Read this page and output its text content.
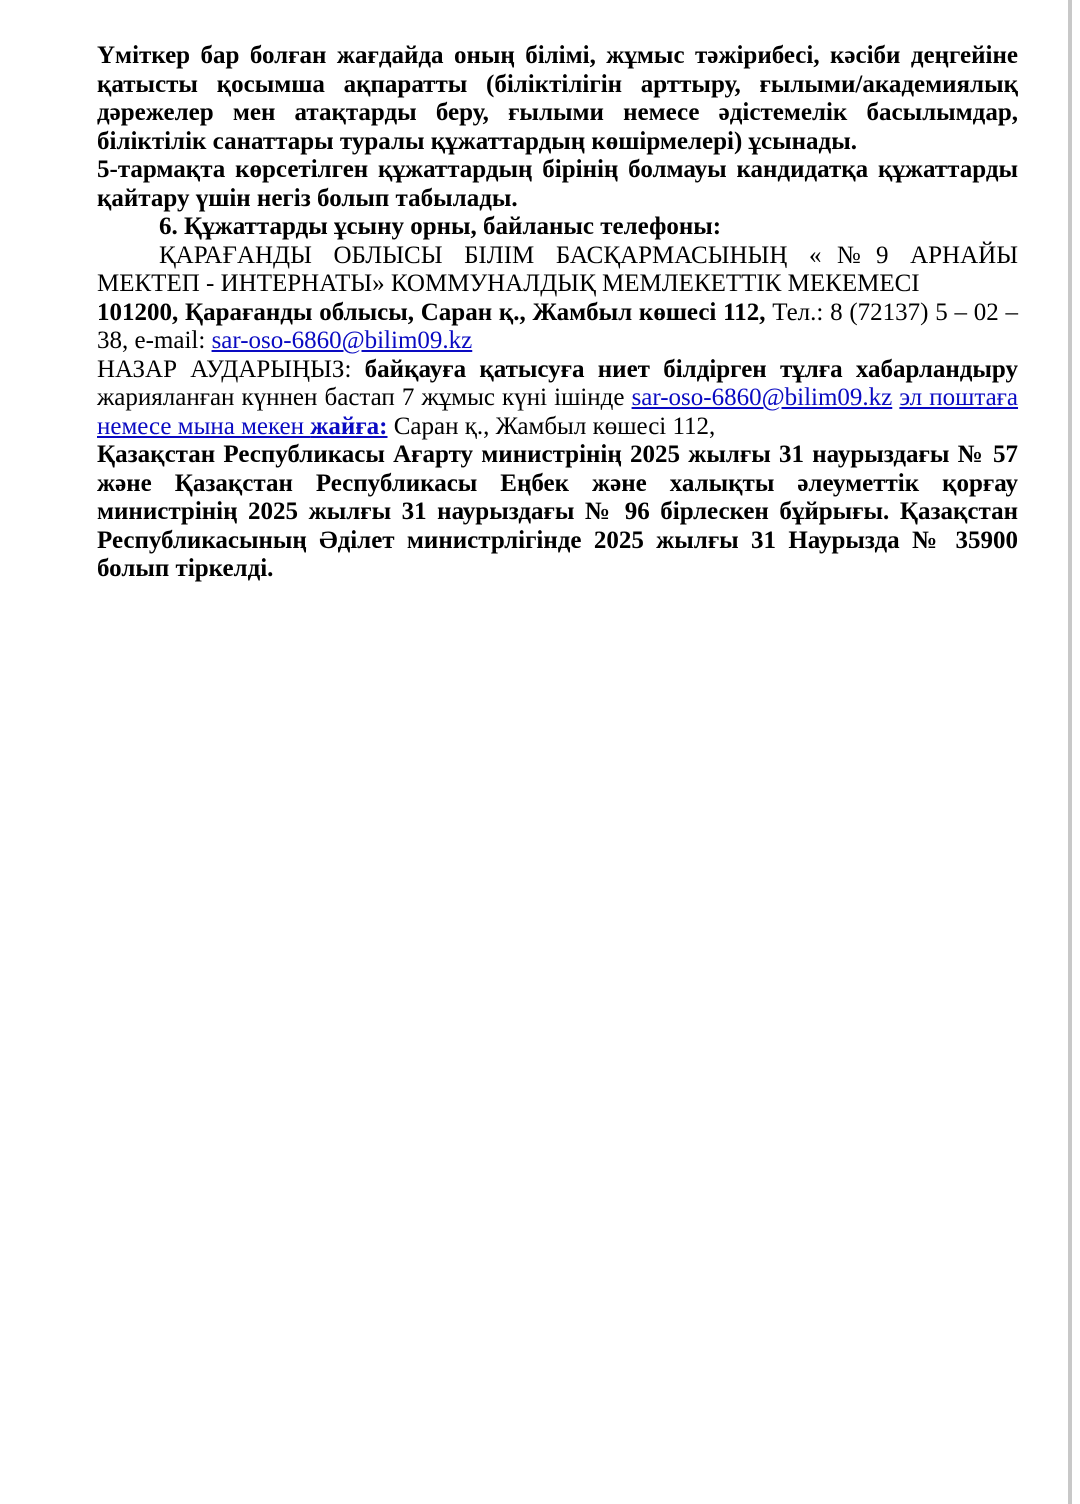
Үміткер бар болған жағдайда оның білімі, жұмыс тәжірибесі, кәсіби деңгейіне қатысты қосымша ақпаратты (біліктілігін арттыру, ғылыми/академиялық дәрежелер мен атақтарды беру, ғылыми немесе әдістемелік басылымдар, біліктілік санаттары туралы құжаттардың көшірмелері) ұсынады.

5-тармақта көрсетілген құжаттардың бірінің болмауы кандидатқа құжаттарды қайтару үшін негіз болып табылады.

6. Құжаттарды ұсыну орны, байланыс телефоны:

ҚАРАҒАНДЫ ОБЛЫСЫ БІЛІМ БАСҚАРМАСЫНЫҢ «№9 АРНАЙЫ МЕКТЕП - ИНТЕРНАТЫ» КОММУНАЛДЫҚ МЕМЛЕКЕТТІК МЕКЕМЕСІ

101200, Қарағанды облысы, Саран қ., Жамбыл көшесі 112, Тел.: 8 (72137) 5 – 02 – 38, e-mail: sar-oso-6860@bilim09.kz

НАЗАР АУДАРЫҢЫЗ: байқауға қатысуға ниет білдірген тұлға хабарландыру жарияланған күннен бастап 7 жұмыс күні ішінде sar-oso-6860@bilim09.kz эл поштаға немесе мына мекен жайға: Саран қ., Жамбыл көшесі 112,

Қазақстан Республикасы Ағарту министрінің 2025 жылғы 31 наурыздағы № 57 және Қазақстан Республикасы Еңбек және халықты әлеуметтік қорғау министрінің 2025 жылғы 31 наурыздағы № 96 бірлескен бұйрығы. Қазақстан Республикасының Әділет министрлігінде 2025 жылғы 31 Наурызда № 35900 болып тіркелді.
